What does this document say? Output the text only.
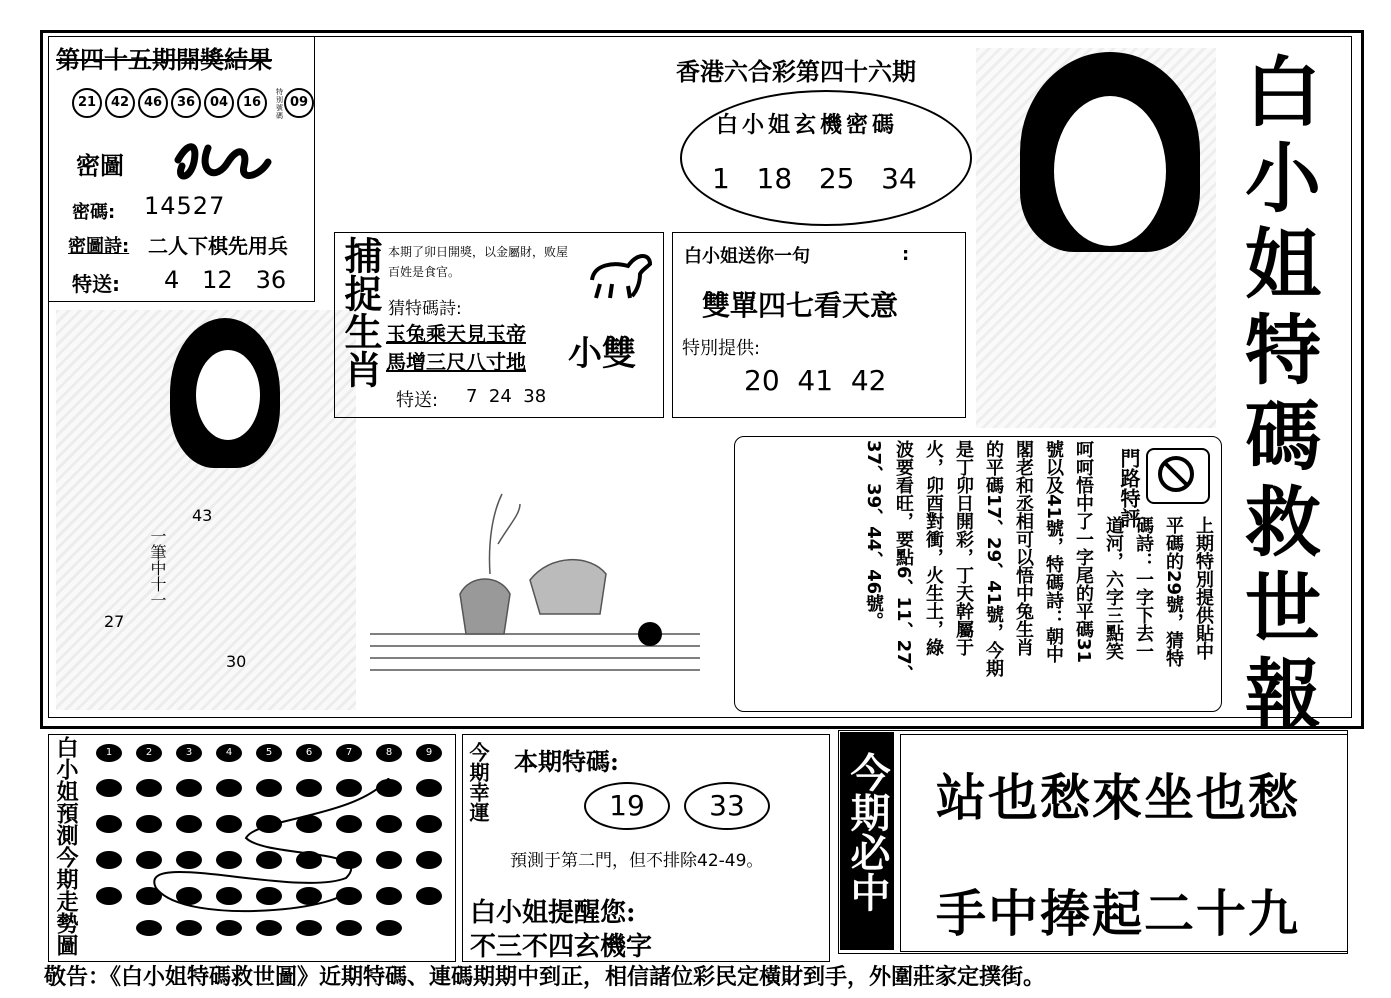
第四十五期開獎結果
21 42 46 36 04 16
特別號碼
09
密圖
密碼: 14527
密圖詩: 二人下棋先用兵
特送: 4   12   36
43
27
30
一筆中十一
捕捉生肖 本期了卯日開獎，以金屬財，败屋百姓是食官。
猜特碼詩:
玉兔乘天見玉帝
馬增三尺八寸地 小雙
特送: 7  24  38
香港六合彩第四十六期
白小姐玄機密碼
1   18   25   34
白小姐送你一句	:
雙單四七看天意
特別提供:
20  41  42
白
小
姐
特
碼
救
世
報
門路特評
上期特別提供貼中
平碼的29號，猜特
碼詩：一字下去一
道河，六字三點笑
呵呵悟中了一字尾的平碼31
號以及41號，特碼詩：朝中
閣老和丞相可以悟中兔生肖
的平碼17、29、41號，今期
是丁卯日開彩，丁天幹屬于
火，卯酉對衝，火生土，綠
波要看旺，要點6、11、27、
37、39、44、46號。
白小姐預測今期走勢圖	1	2	3	4	5	6	7	8	9	今期幸運 本期特碼:
19	33
預測于第二門，但不排除42-49。
白小姐提醒您:
不三不四玄機字
今期必中 站也愁來坐也愁
手中捧起二十九
敬告：《白小姐特碼救世圖》近期特碼、連碼期期中到正，相信諸位彩民定橫財到手，外圍莊家定撲街。
